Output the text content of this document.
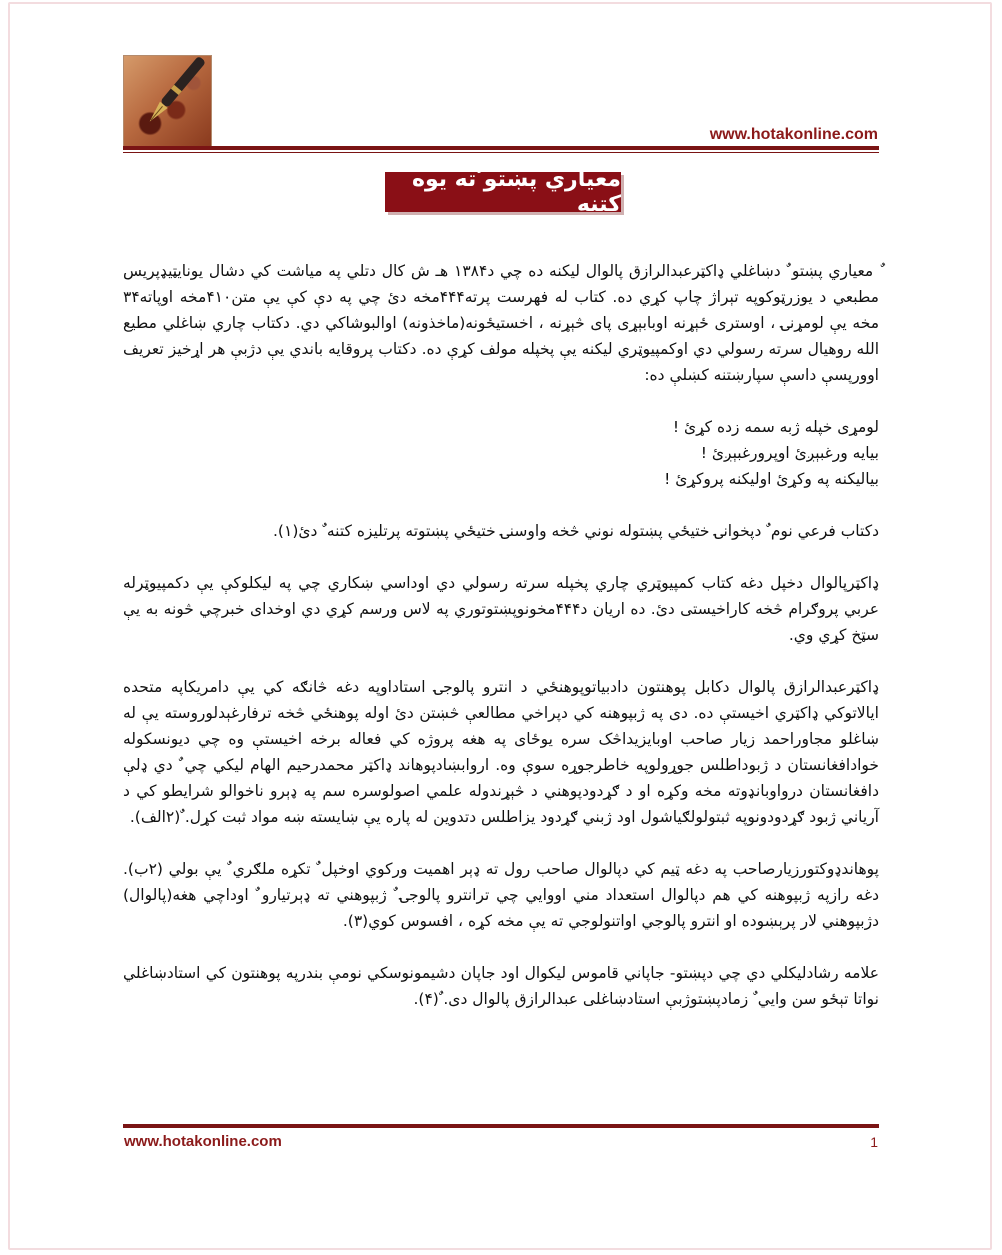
www.hotakonline.com
معياري پښتو ٌته يوه کتنه

ٌ معياري پښتو ٌ دښاغلي ډاکټرعبدالرازق پالوال ليکنه ده چي د۱۳۸۴ هـ ش کال دتلي په مياشت کي دشال يونايټيډپريس مطبعي د يوزرټوکوپه تېراژ چاپ کړي ده. کتاب له فهرست پرته۴۴۴مخه دئ چي په دې کې يې متن۴۱۰مخه اوپاته۳۴ مخه يې لومړنۍ ، اوستری ځېړنه اوبابېړی پای څېړنه ، اخستيځونه(ماخذونه) اوالبوشاکي دي. دکتاب چاري ښاغلي مطيع الله روهيال سرته رسولي دي اوکمپيوټري ليکنه يې پخپله مولف کړې ده. دکتاب پروقايه باندي يې دژبې هر اړخيز تعريف اوورپسې داسې سپارښتنه کښلې ده:

لومړی خپله ژبه سمه زده کړئ !

بيايه ورغبېږئ اوپرورغبېږئ !

بيالیکنه په وکړئ اولیکنه پروکړئ !

دکتاب فرعي نوم ٌ دپخوانۍ ختيځي پښتوله نوني څخه واوسنۍ ختيځي پښتوته پرتليزه کتنه ٌ دئ(۱).

ډاکټرپالوال دخپل دغه کتاب کمپيوټري چاري پخپله سرته رسولي دي اوداسي ښکاري چي په ليکلوکې يې دکمپيوټرله عربي پروګرام څخه کاراخيستی دئ. ده اريان د۴۴۴مخونوپښتوتوري په لاس ورسم کړي دي اوخدای خبرچي څونه به يې سټخ کړي وي.

ډاکټرعبدالرازق پالوال دکابل پوهنتون دادبياتوپوهنځي د انترو پالوجۍ استاداوپه دغه څانګه کي يې دامريکاپه متحده ايالاتوکي ډاکټري اخيستې ده. دی په ژبپوهنه کي دپراخي مطالعې څښتن دئ اوله پوهنځي څخه ترفارغېدلوروسته يې له ښاغلو مجاوراحمد زيار صاحب اوبايزيداڅک سره يوځای په هغه پروژه کي فعاله برخه اخيستې وه چي ديونسکوله خوادافغانستان د ژبوداطلس جوړولوپه خاطرجوړه سوې وه. اروابښادپوهاند ډاکټر محمدرحيم الهام ليکي چي ٌ دي ډلې دافغانستان درواوبانډوته مخه وکړه او د ګړدودپوهني د څېړندوله علمي اصولوسره سم په ډېرو ناخوالو شرايطو کي د آرياني ژبود ګړدودونوپه ثبتولولګياشول اود ژبني ګړدود يزاطلس دتدوين له پاره يې ښايسته ښه مواد ثبت کړل. ٌ(۲الف).

پوهاندډوکتورزيارصاحب په دغه ټيم کي دپالوال صاحب رول ته ډېر اهميت ورکوي اوخپل ٌ تکړه ملګري ٌ يې بولي (۲ب). دغه رازپه ژبپوهنه کي هم دپالوال استعداد مني اووايي چي ترانترو پالوجۍ ٌ ژبپوهني ته ډېرتيارو ٌ اوداچي هغه(پالوال) دژبپوهني لار پرېښوده او انترو پالوجي اواتنولوجي ته يې مخه کړه ، افسوس کوي(۳).

علامه رشادليکلي دي چي دپښتو- جاپاني قاموس ليکوال اود جاپان دشيمونوسکي نومې بندرپه پوهنتون کي استادښاغلي نواتا تېځو سن وايي ٌ زمادپښتوژبې استادښاغلی عبدالرازق پالوال دی. ٌ(۴).

www.hotakonline.com	1
